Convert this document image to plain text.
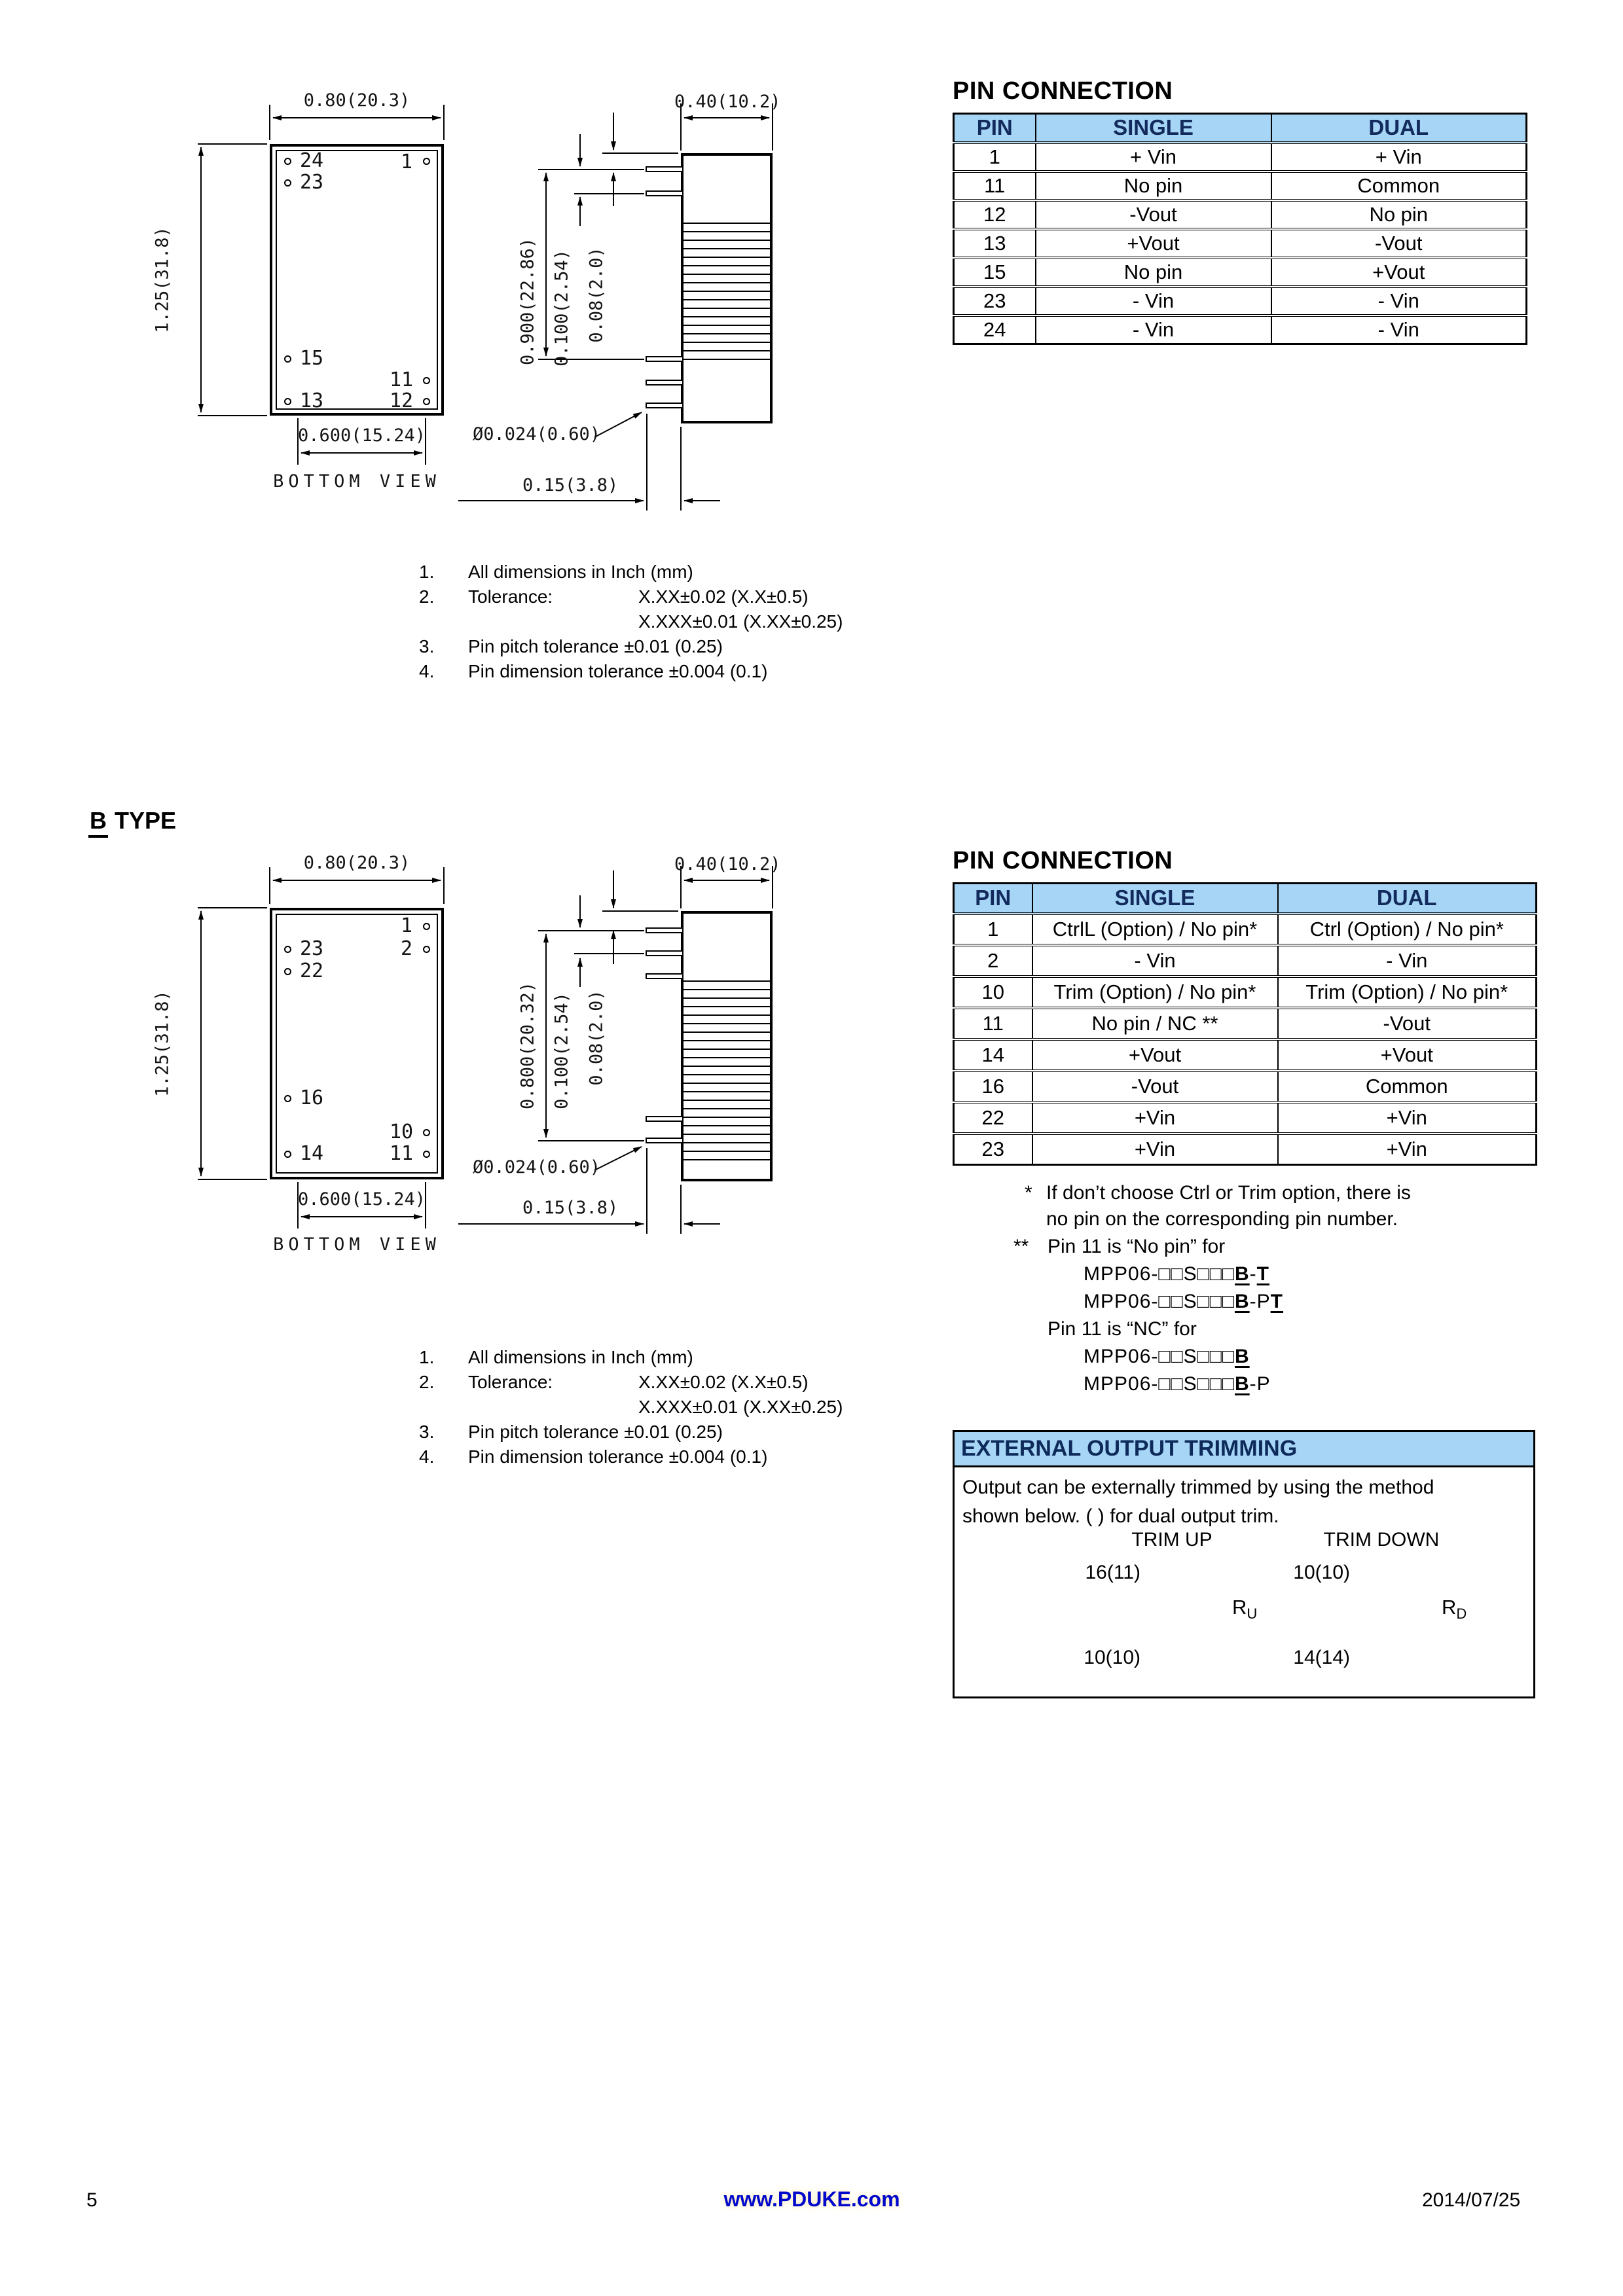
24
23
1
15
13
11
12
0.80(20.3)
1.25(31.8)
0.600(15.24)
BOTTOM VIEW
0.40(10.2)
0.900(22.86) 0.100(2.54) 0.08(2.0)
Ø0.024(0.60)
0.15(3.8)
PIN CONNECTION
PIN	SINGLE	DUAL
1	+ Vin	+ Vin
11	No pin	Common
12	-Vout	No pin
13	+Vout	-Vout
15	No pin	+Vout
23	- Vin	- Vin
24	- Vin	- Vin
1. All dimensions in Inch (mm)
2. Tolerance:	X.XX±0.02 (X.X±0.5)
X.XXX±0.01 (X.XX±0.25)
3. Pin pitch tolerance ±0.01 (0.25)
4. Pin dimension tolerance ±0.004 (0.1)
B TYPE
1
2
23
22
16
14
10
11
0.80(20.3)
1.25(31.8)
0.600(15.24)
BOTTOM VIEW
0.40(10.2)
0.800(20.32) 0.100(2.54) 0.08(2.0)
Ø0.024(0.60)
0.15(3.8)
PIN CONNECTION
PIN	SINGLE	DUAL
1	CtrlL (Option) / No pin*	Ctrl (Option) / No pin*
2	- Vin	- Vin
10	Trim (Option) / No pin*	Trim (Option) / No pin*
11	No pin / NC **	-Vout
14	+Vout	+Vout
16	-Vout	Common
22	+Vin	+Vin
23	+Vin	+Vin
* If don’t choose Ctrl or Trim option, there is
no pin on the corresponding pin number.
** Pin 11 is “No pin” for
MPP06-□□S□□□B-T
MPP06-□□S□□□B-PT
Pin 11 is “NC” for
MPP06-□□S□□□B
MPP06-□□S□□□B-P
1. All dimensions in Inch (mm)
2. Tolerance:	X.XX±0.02 (X.X±0.5)
X.XXX±0.01 (X.XX±0.25)
3. Pin pitch tolerance ±0.01 (0.25)
4. Pin dimension tolerance ±0.004 (0.1)	EXTERNAL OUTPUT TRIMMING
Output can be externally trimmed by using the method
shown below. ( ) for dual output trim.
TRIM UP	TRIM DOWN
16(11)
10(10)
10(10)
14(14)
$R_U$	$R_D$
5	www.PDUKE.com	2014/07/25
